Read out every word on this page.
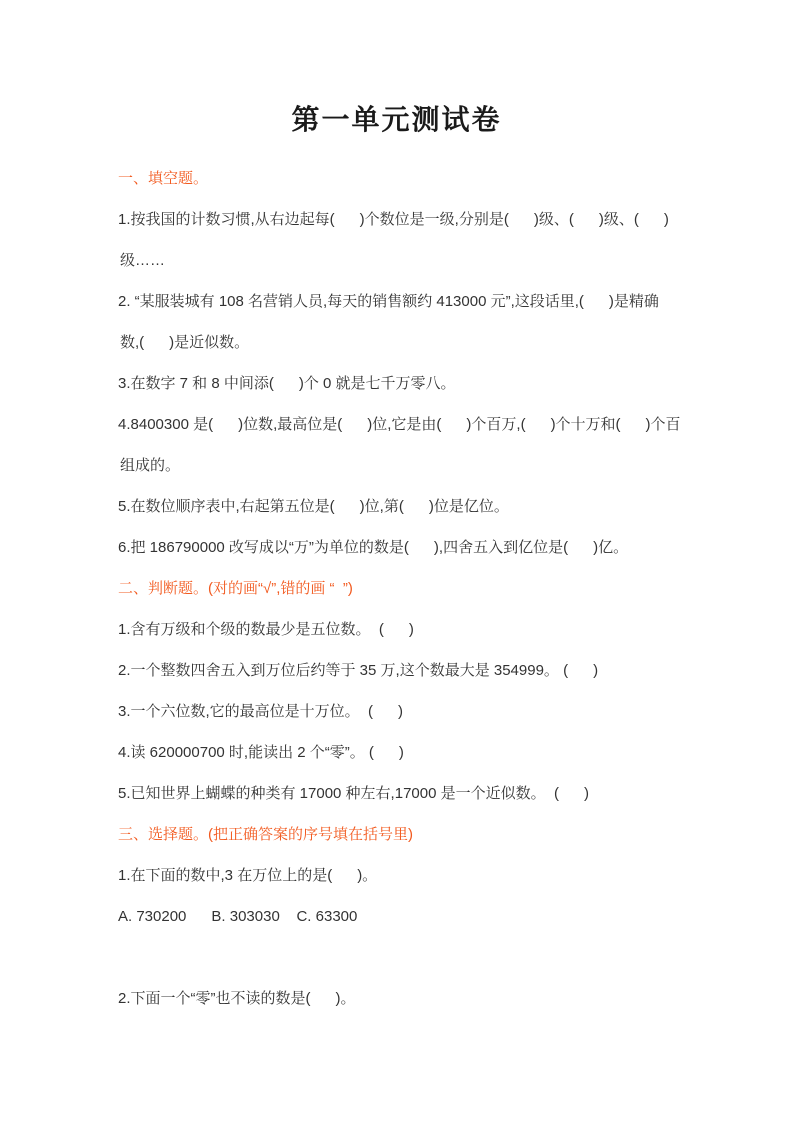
第一单元测试卷
一、填空题。
1.按我国的计数习惯,从右边起每(      )个数位是一级,分别是(      )级、(      )级、(      )
级……
2. “某服装城有 108 名营销人员,每天的销售额约 413000 元”,这段话里,(      )是精确
数,(      )是近似数。
3.在数字 7 和 8 中间添(      )个 0 就是七千万零八。
4.8400300 是(      )位数,最高位是(      )位,它是由(      )个百万,(      )个十万和(      )个百
组成的。
5.在数位顺序表中,右起第五位是(      )位,第(      )位是亿位。
6.把 186790000 改写成以“万”为单位的数是(      ),四舍五入到亿位是(      )亿。
二、判断题。(对的画“√”,错的画 “  ”)
1.含有万级和个级的数最少是五位数。  (      )
2.一个整数四舍五入到万位后约等于 35 万,这个数最大是 354999。 (      )
3.一个六位数,它的最高位是十万位。  (      )
4.读 620000700 时,能读出 2 个“零”。 (      )
5.已知世界上蝴蝶的种类有 17000 种左右,17000 是一个近似数。  (      )
三、选择题。(把正确答案的序号填在括号里)
1.在下面的数中,3 在万位上的是(      )。
A. 730200      B. 303030    C. 63300
2.下面一个“零”也不读的数是(      )。
